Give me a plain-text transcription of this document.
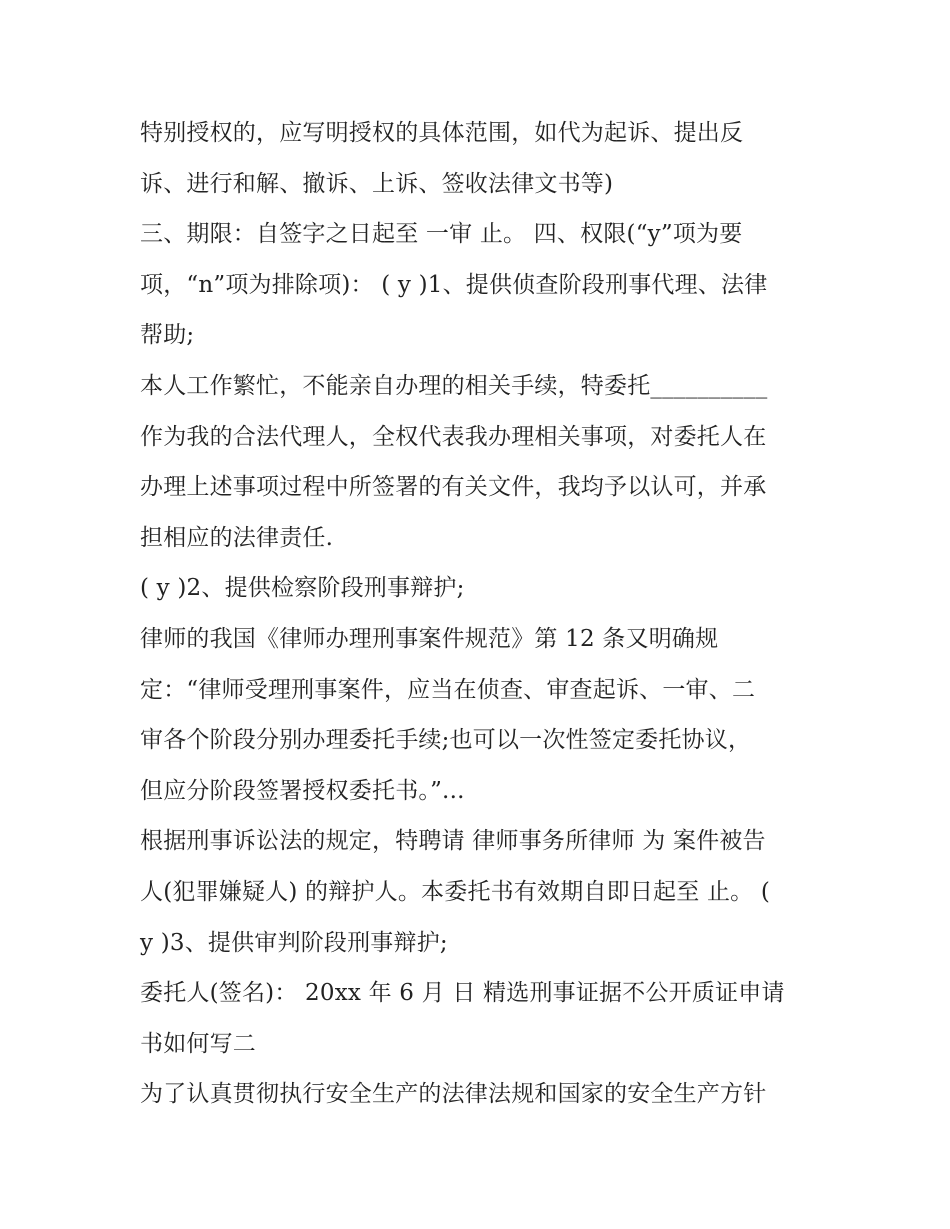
特别授权的，应写明授权的具体范围，如代为起诉、提出反
诉、进行和解、撤诉、上诉、签收法律文书等)
三、期限：自签字之日起至 一审 止。 四、权限(“y”项为要
项，“n”项为排除项)： ( y )1、提供侦查阶段刑事代理、法律
帮助;
本人工作繁忙，不能亲自办理的相关手续，特委托__________
作为我的合法代理人，全权代表我办理相关事项，对委托人在
办理上述事项过程中所签署的有关文件，我均予以认可，并承
担相应的法律责任.
( y )2、提供检察阶段刑事辩护;
律师的我国《律师办理刑事案件规范》第 12 条又明确规
定：“律师受理刑事案件，应当在侦查、审查起诉、一审、二
审各个阶段分别办理委托手续;也可以一次性签定委托协议，
但应分阶段签署授权委托书。”...
根据刑事诉讼法的规定，特聘请 律师事务所律师 为 案件被告
人(犯罪嫌疑人) 的辩护人。本委托书有效期自即日起至 止。 (
y )3、提供审判阶段刑事辩护;
委托人(签名)： 20xx 年 6 月 日 精选刑事证据不公开质证申请
书如何写二
为了认真贯彻执行安全生产的法律法规和国家的安全生产方针
